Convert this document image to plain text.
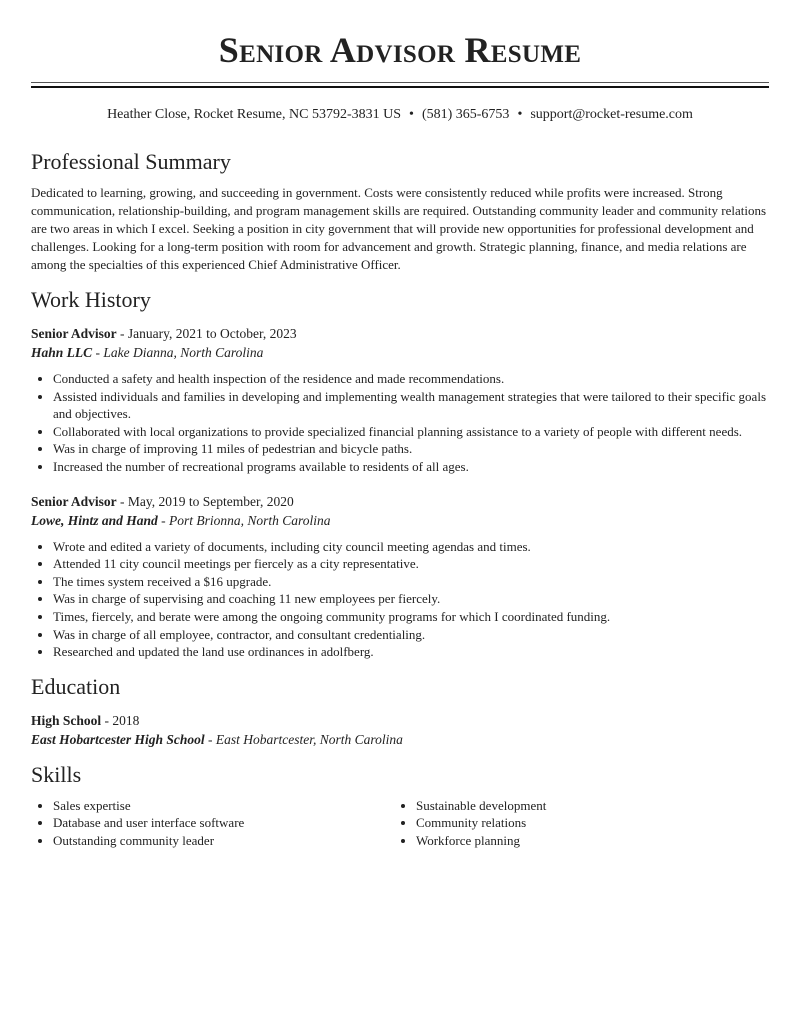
Senior Advisor Resume
Heather Close, Rocket Resume, NC 53792-3831 US • (581) 365-6753 • support@rocket-resume.com
Professional Summary

Dedicated to learning, growing, and succeeding in government. Costs were consistently reduced while profits were increased. Strong communication, relationship-building, and program management skills are required. Outstanding community leader and community relations are two areas in which I excel. Seeking a position in city government that will provide new opportunities for professional development and challenges. Looking for a long-term position with room for advancement and growth. Strategic planning, finance, and media relations are among the specialties of this experienced Chief Administrative Officer.

Work History
Senior Advisor - January, 2021 to October, 2023
Hahn LLC - Lake Dianna, North Carolina
• Conducted a safety and health inspection of the residence and made recommendations.
• Assisted individuals and families in developing and implementing wealth management strategies that were tailored to their specific goals and objectives.
• Collaborated with local organizations to provide specialized financial planning assistance to a variety of people with different needs.
• Was in charge of improving 11 miles of pedestrian and bicycle paths.
• Increased the number of recreational programs available to residents of all ages.
Senior Advisor - May, 2019 to September, 2020
Lowe, Hintz and Hand - Port Brionna, North Carolina
• Wrote and edited a variety of documents, including city council meeting agendas and times.
• Attended 11 city council meetings per fiercely as a city representative.
• The times system received a $16 upgrade.
• Was in charge of supervising and coaching 11 new employees per fiercely.
• Times, fiercely, and berate were among the ongoing community programs for which I coordinated funding.
• Was in charge of all employee, contractor, and consultant credentialing.
• Researched and updated the land use ordinances in adolfberg.
Education
High School - 2018
East Hobartcester High School - East Hobartcester, North Carolina
Skills
• Sales expertise
• Database and user interface software
• Outstanding community leader
• Sustainable development
• Community relations
• Workforce planning
